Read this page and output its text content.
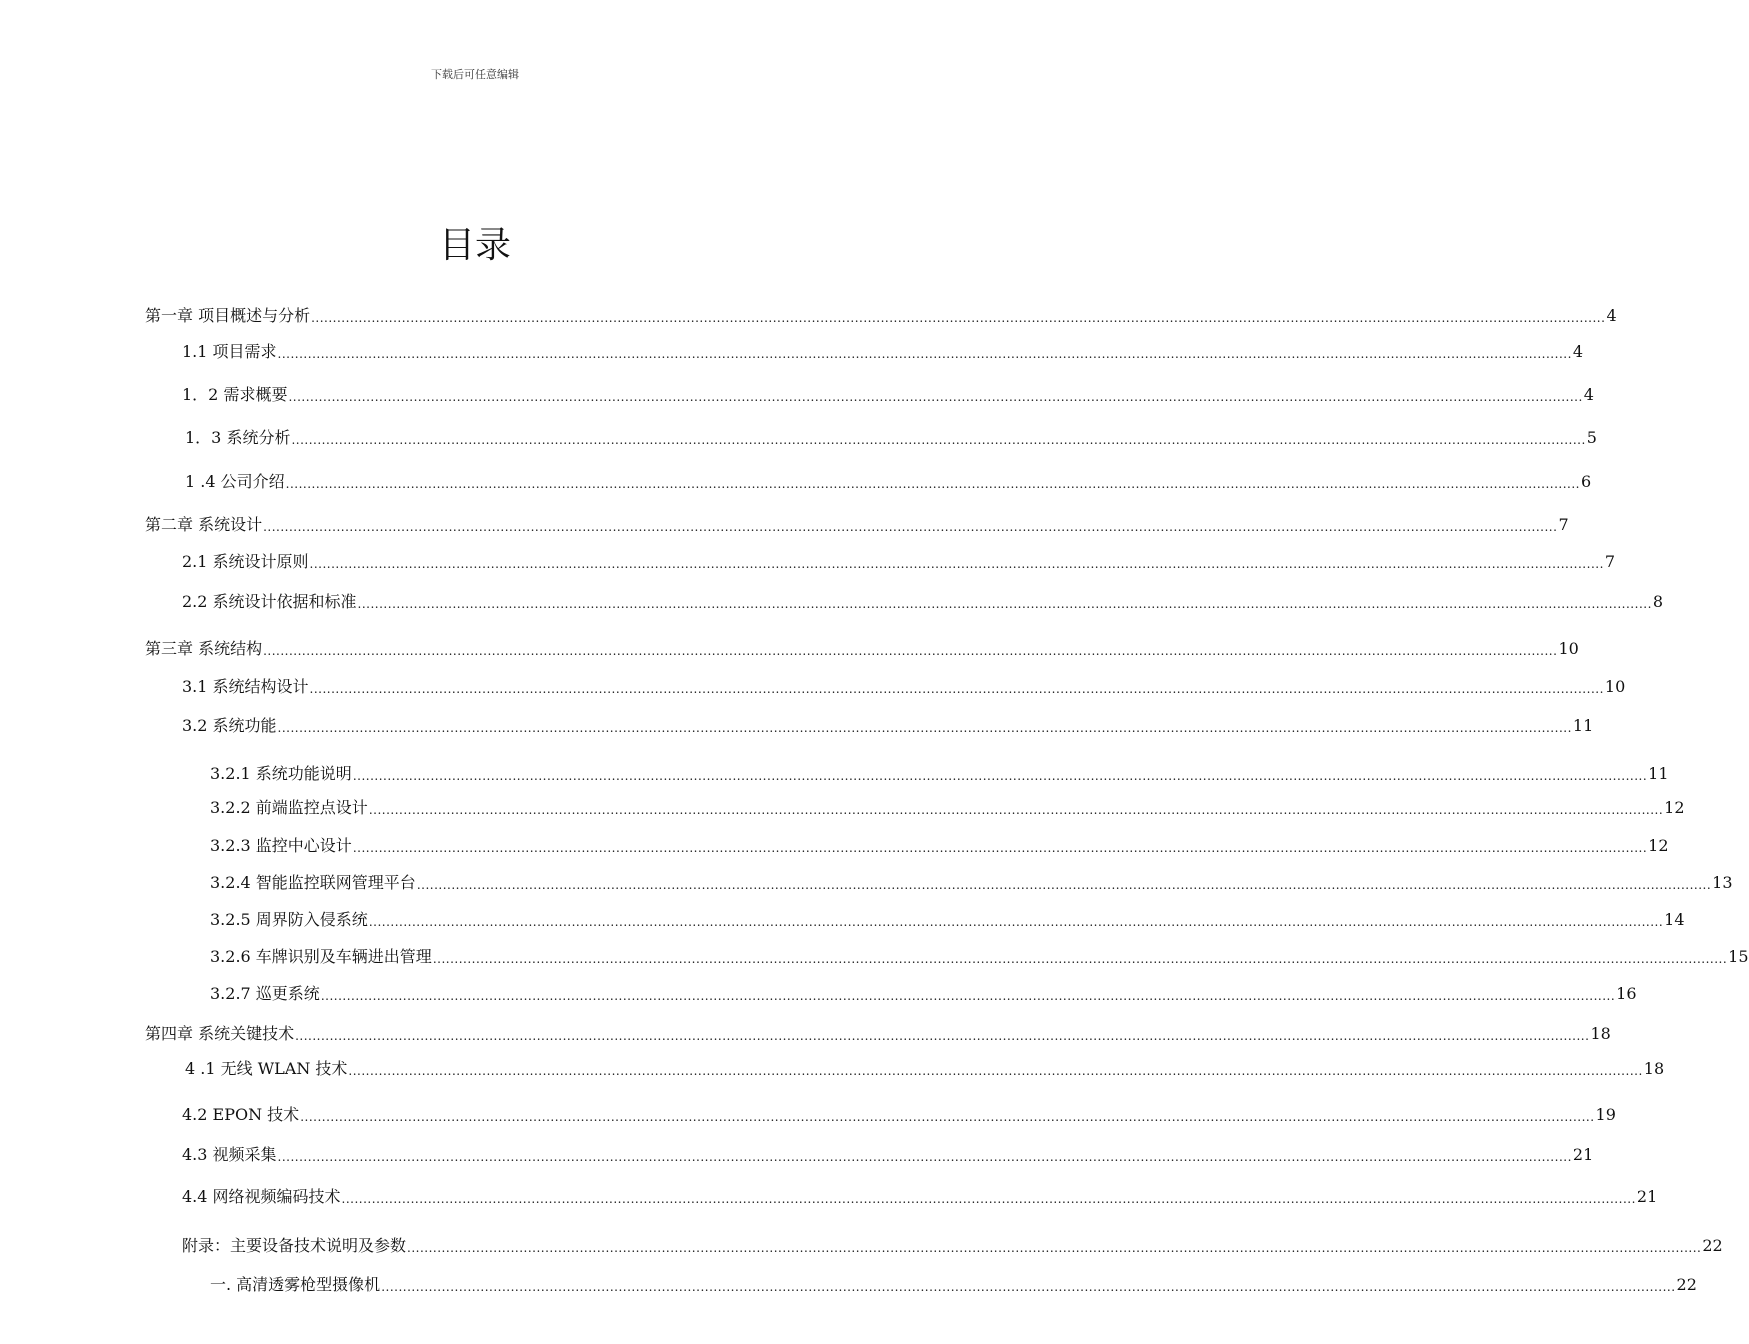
下载后可任意编辑
目录
第一章 项目概述与分析 ............................................................................................................................................................................................................................................................................................................ 4
1.1 项目需求 ............................................................................................................................................................................................................................................................................................................ 4
1．2 需求概要 ............................................................................................................................................................................................................................................................................................................ 4
1．3 系统分析 ............................................................................................................................................................................................................................................................................................................ 5
1 .4 公司介绍 ............................................................................................................................................................................................................................................................................................................ 6
第二章 系统设计 ............................................................................................................................................................................................................................................................................................................ 7
2.1 系统设计原则 ............................................................................................................................................................................................................................................................................................................ 7
2.2 系统设计依据和标准 ............................................................................................................................................................................................................................................................................................................ 8
第三章 系统结构 ............................................................................................................................................................................................................................................................................................................ 10
3.1 系统结构设计 ............................................................................................................................................................................................................................................................................................................ 10
3.2 系统功能 ............................................................................................................................................................................................................................................................................................................ 11
3.2.1 系统功能说明 ............................................................................................................................................................................................................................................................................................................ 11
3.2.2 前端监控点设计 ............................................................................................................................................................................................................................................................................................................ 12
3.2.3 监控中心设计 ............................................................................................................................................................................................................................................................................................................ 12
3.2.4 智能监控联网管理平台 ............................................................................................................................................................................................................................................................................................................ 13
3.2.5 周界防入侵系统 ............................................................................................................................................................................................................................................................................................................ 14
3.2.6 车牌识别及车辆进出管理 ............................................................................................................................................................................................................................................................................................................ 15
3.2.7 巡更系统 ............................................................................................................................................................................................................................................................................................................ 16
第四章 系统关键技术 ............................................................................................................................................................................................................................................................................................................ 18
4 .1 无线 WLAN 技术 ............................................................................................................................................................................................................................................................................................................ 18
4.2 EPON 技术 ............................................................................................................................................................................................................................................................................................................ 19
4.3 视频采集 ............................................................................................................................................................................................................................................................................................................ 21
4.4 网络视频编码技术 ............................................................................................................................................................................................................................................................................................................ 21
附录：主要设备技术说明及参数 ............................................................................................................................................................................................................................................................................................................ 22
一. 高清透雾枪型摄像机 ............................................................................................................................................................................................................................................................................................................ 22
